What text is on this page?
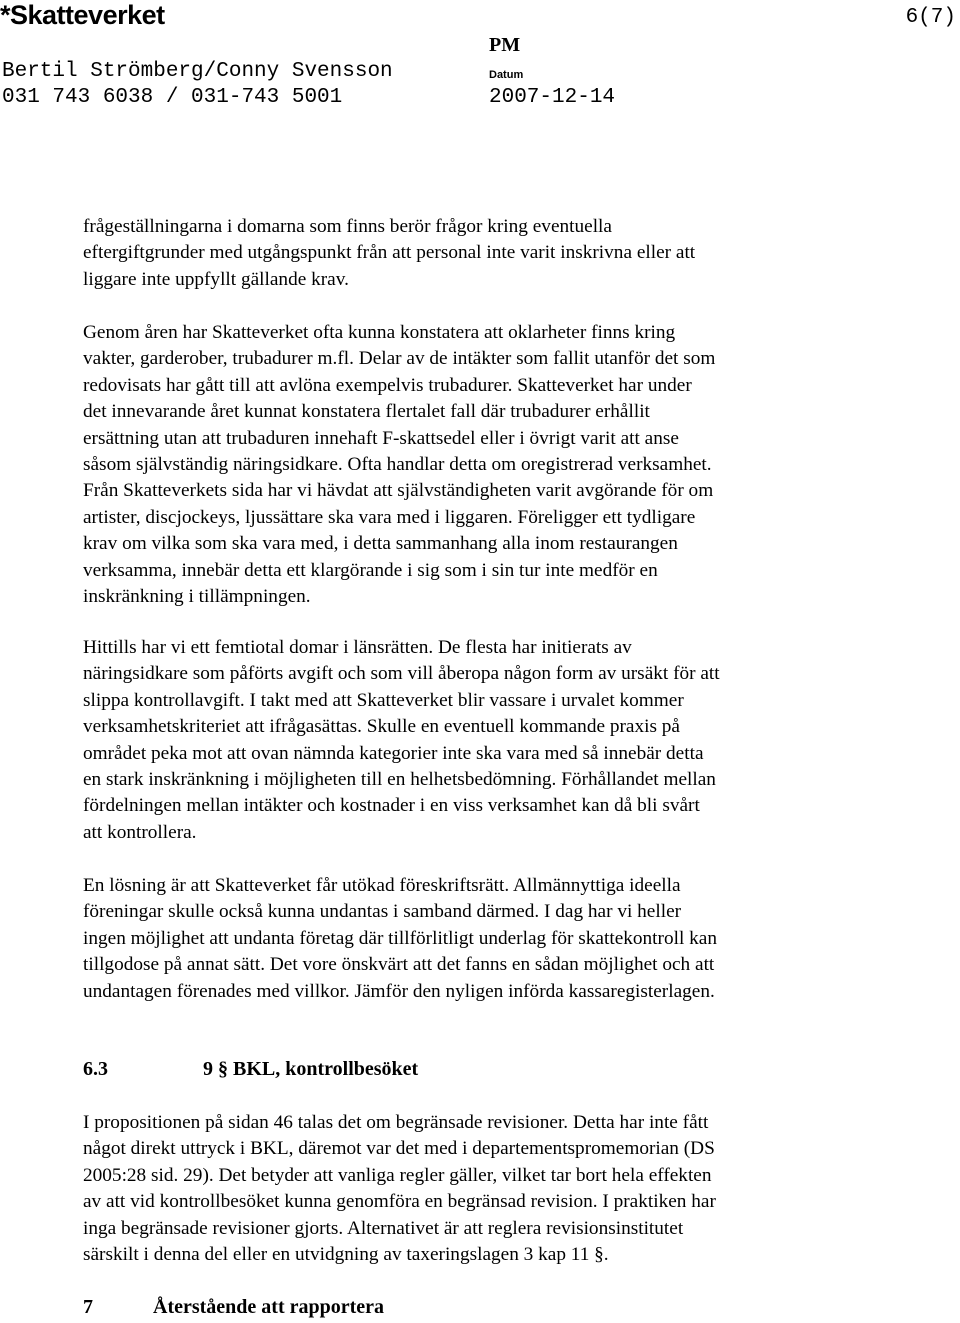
*Skatteverket	6(7)
Bertil Strömberg/Conny Svensson
031 743 6038 / 031-743 5001
PM
Datum
2007-12-14
frågeställningarna i domarna som finns berör frågor kring eventuella
eftergiftgrunder med utgångspunkt från att personal inte varit inskrivna eller att
liggare inte uppfyllt gällande krav.
Genom åren har Skatteverket ofta kunna konstatera att oklarheter finns kring
vakter, garderober, trubadurer m.fl. Delar av de intäkter som fallit utanför det som
redovisats har gått till att avlöna exempelvis trubadurer. Skatteverket har under
det innevarande året kunnat konstatera flertalet fall där trubadurer erhållit
ersättning utan att trubaduren innehaft F-skattsedel eller i övrigt varit att anse
såsom självständig näringsidkare. Ofta handlar detta om oregistrerad verksamhet.
Från Skatteverkets sida har vi hävdat att självständigheten varit avgörande för om
artister, discjockeys, ljussättare ska vara med i liggaren. Föreligger ett tydligare
krav om vilka som ska vara med, i detta sammanhang alla inom restaurangen
verksamma, innebär detta ett klargörande i sig som i sin tur inte medför en
inskränkning i tillämpningen.
Hittills har vi ett femtiotal domar i länsrätten. De flesta har initierats av
näringsidkare som påförts avgift och som vill åberopa någon form av ursäkt för att
slippa kontrollavgift. I takt med att Skatteverket blir vassare i urvalet kommer
verksamhetskriteriet att ifrågasättas. Skulle en eventuell kommande praxis på
området peka mot att ovan nämnda kategorier inte ska vara med så innebär detta
en stark inskränkning i möjligheten till en helhetsbedömning. Förhållandet mellan
fördelningen mellan intäkter och kostnader i en viss verksamhet kan då bli svårt
att kontrollera.
En lösning är att Skatteverket får utökad föreskriftsrätt. Allmännyttiga ideella
föreningar skulle också kunna undantas i samband därmed. I dag har vi heller
ingen möjlighet att undanta företag där tillförlitligt underlag för skattekontroll kan
tillgodose på annat sätt. Det vore önskvärt att det fanns en sådan möjlighet och att
undantagen förenades med villkor. Jämför den nyligen införda kassaregisterlagen.
6.3	9 § BKL, kontrollbesöket
I propositionen på sidan 46 talas det om begränsade revisioner. Detta har inte fått
något direkt uttryck i BKL, däremot var det med i departementspromemorian (DS
2005:28 sid. 29). Det betyder att vanliga regler gäller, vilket tar bort hela effekten
av att vid kontrollbesöket kunna genomföra en begränsad revision. I praktiken har
inga begränsade revisioner gjorts. Alternativet är att reglera revisionsinstitutet
särskilt i denna del eller en utvidgning av taxeringslagen 3 kap 11 §.
7	Återstående att rapportera
